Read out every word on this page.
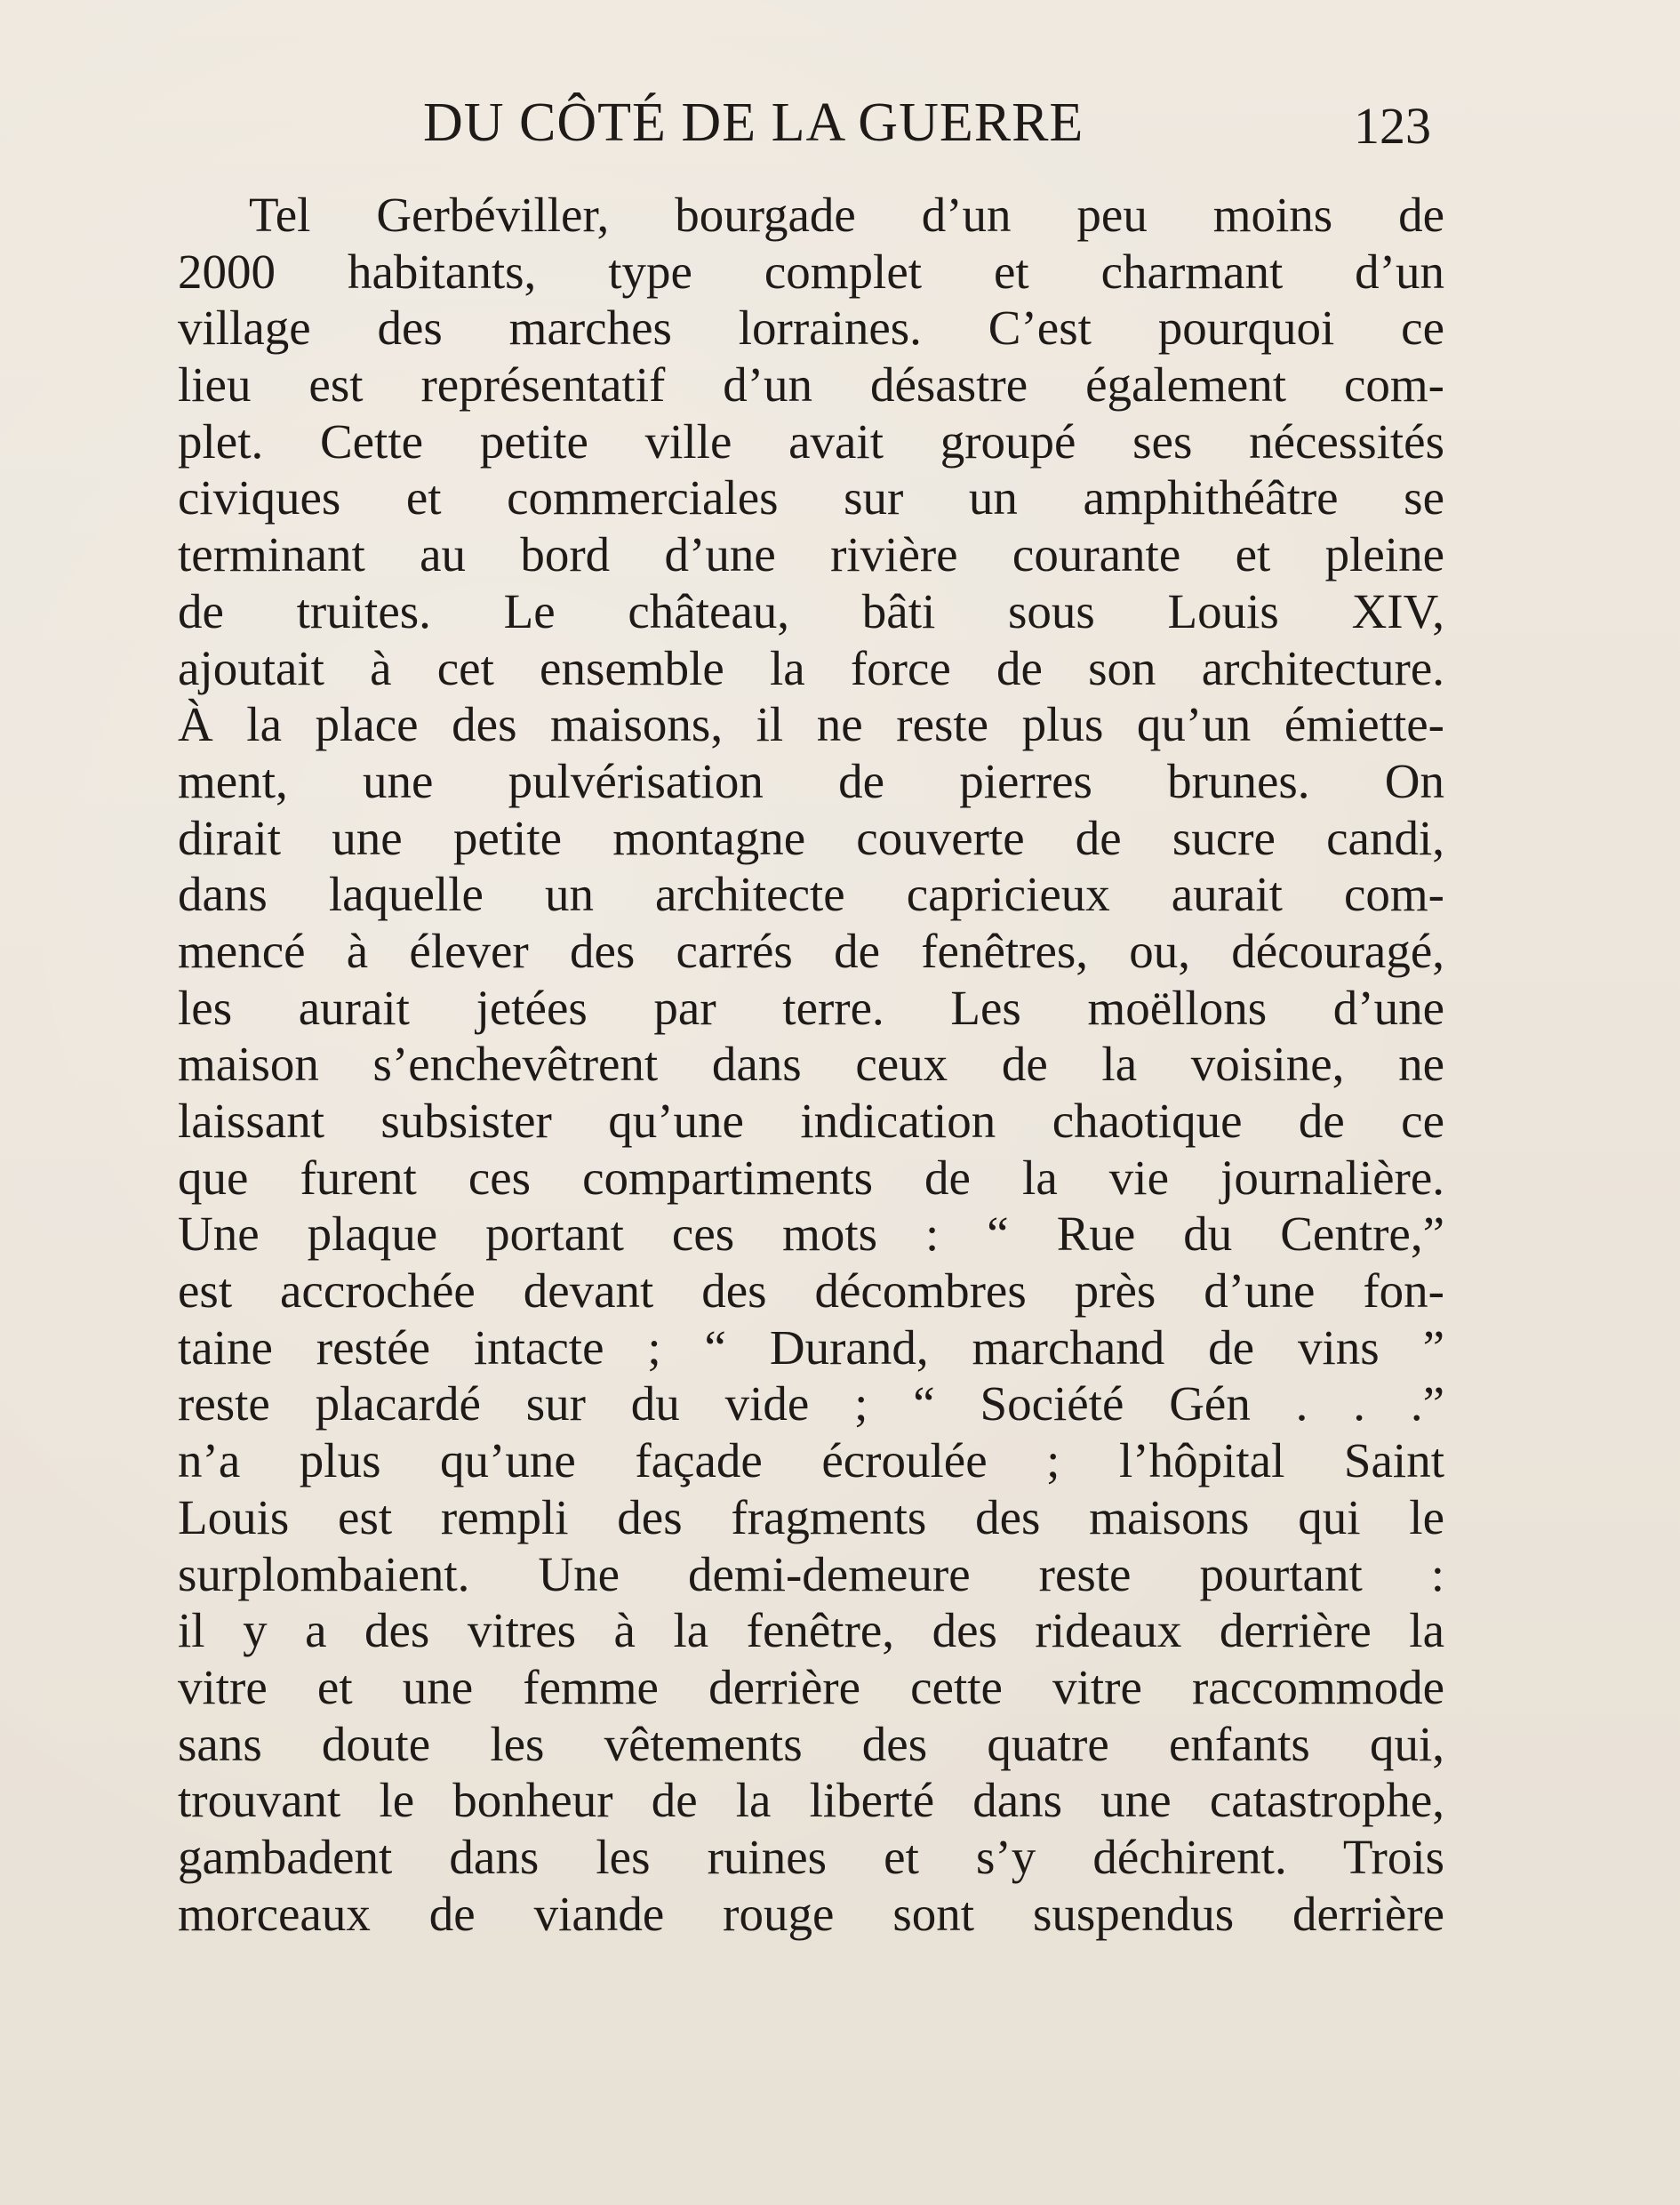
DU CÔTÉ DE LA GUERRE	123
Tel Gerbéviller, bourgade d’un peu moins de
2000 habitants, type complet et charmant d’un
village des marches lorraines. C’est pourquoi ce
lieu est représentatif d’un désastre également com-
plet. Cette petite ville avait groupé ses nécessités
civiques et commerciales sur un amphithéâtre se
terminant au bord d’une rivière courante et pleine
de truites. Le château, bâti sous Louis XIV,
ajoutait à cet ensemble la force de son architecture.
À la place des maisons, il ne reste plus qu’un émiette-
ment, une pulvérisation de pierres brunes. On
dirait une petite montagne couverte de sucre candi,
dans laquelle un architecte capricieux aurait com-
mencé à élever des carrés de fenêtres, ou, découragé,
les aurait jetées par terre. Les moëllons d’une
maison s’enchevêtrent dans ceux de la voisine, ne
laissant subsister qu’une indication chaotique de ce
que furent ces compartiments de la vie journalière.
Une plaque portant ces mots : “ Rue du Centre,”
est accrochée devant des décombres près d’une fon-
taine restée intacte ; “ Durand, marchand de vins ”
reste placardé sur du vide ; “ Société Gén . . .”
n’a plus qu’une façade écroulée ; l’hôpital Saint
Louis est rempli des fragments des maisons qui le
surplombaient. Une demi-demeure reste pourtant :
il y a des vitres à la fenêtre, des rideaux derrière la
vitre et une femme derrière cette vitre raccommode
sans doute les vêtements des quatre enfants qui,
trouvant le bonheur de la liberté dans une catastrophe,
gambadent dans les ruines et s’y déchirent. Trois
morceaux de viande rouge sont suspendus derrière
